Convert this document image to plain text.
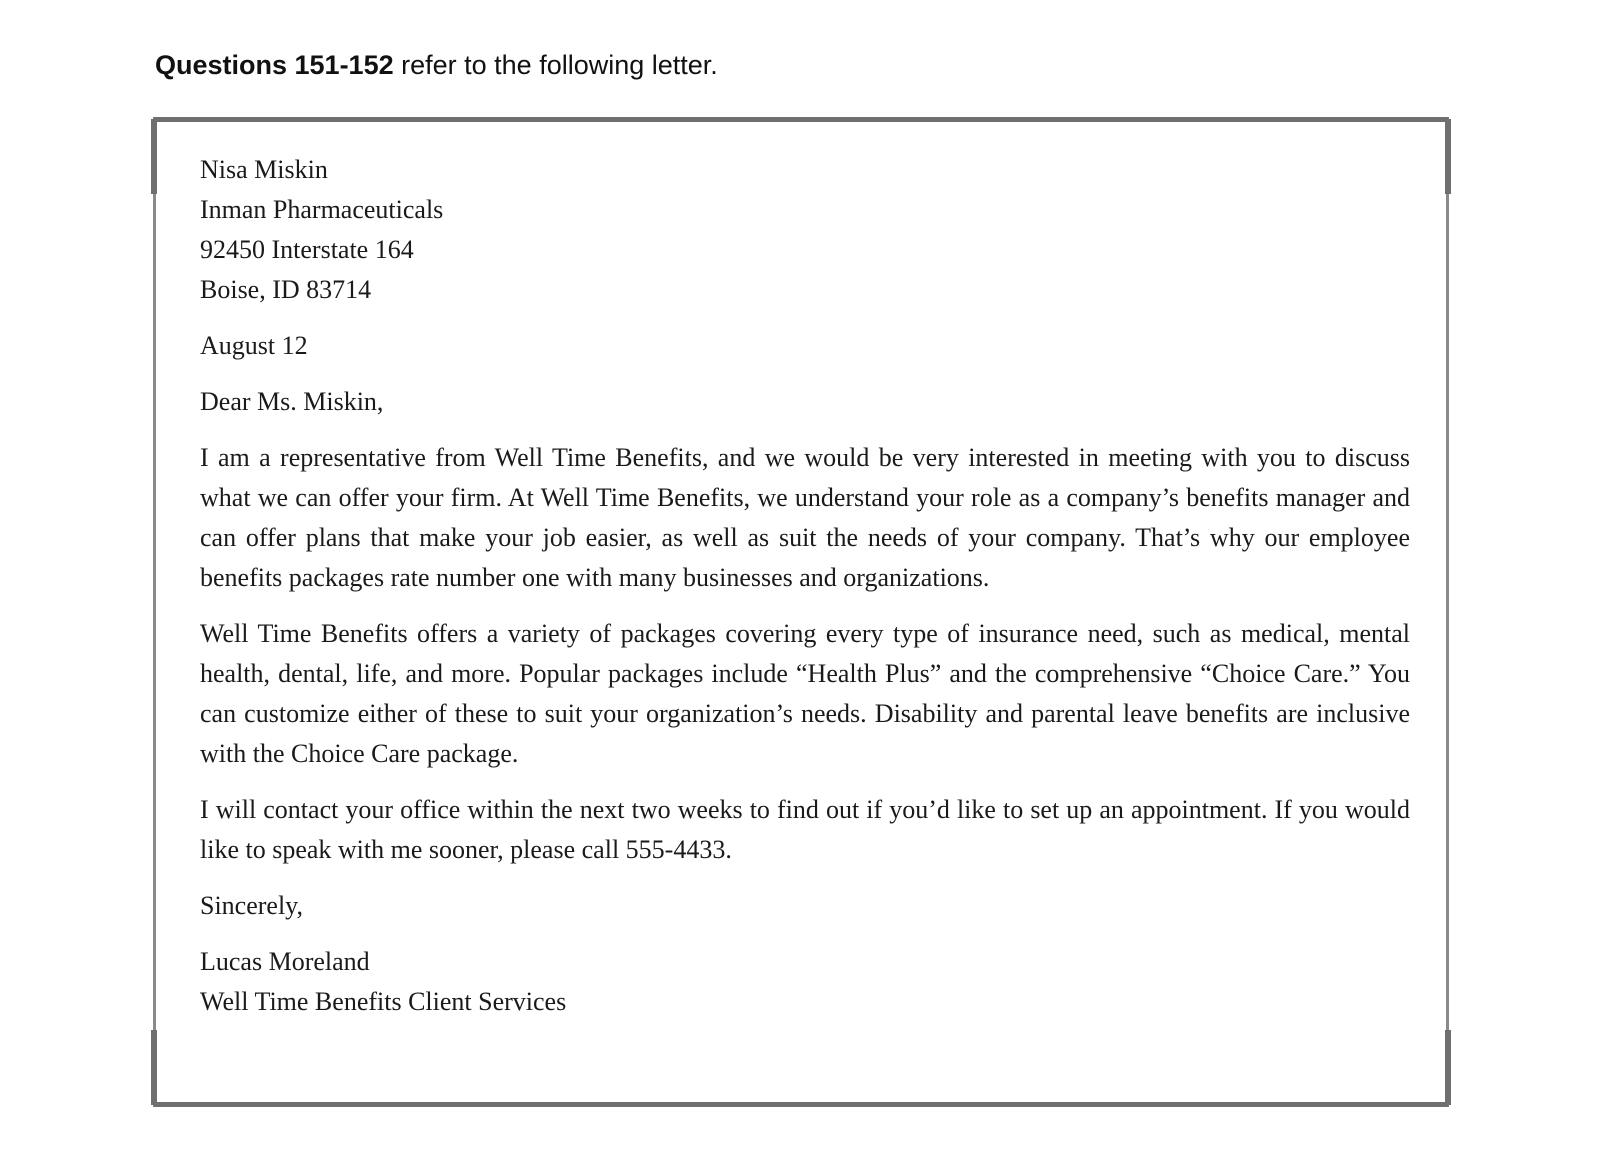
Questions 151-152 refer to the following letter.
Nisa Miskin
Inman Pharmaceuticals
92450 Interstate 164
Boise, ID 83714

August 12

Dear Ms. Miskin,

I am a representative from Well Time Benefits, and we would be very interested in meeting with you to discuss what we can offer your firm. At Well Time Benefits, we understand your role as a company’s benefits manager and can offer plans that make your job easier, as well as suit the needs of your company. That’s why our employee benefits packages rate number one with many businesses and organizations.

Well Time Benefits offers a variety of packages covering every type of insurance need, such as medical, mental health, dental, life, and more. Popular packages include “Health Plus” and the comprehensive “Choice Care.” You can customize either of these to suit your organization’s needs. Disability and parental leave benefits are inclusive with the Choice Care package.

I will contact your office within the next two weeks to find out if you’d like to set up an appointment. If you would like to speak with me sooner, please call 555-4433.

Sincerely,

Lucas Moreland
Well Time Benefits Client Services
